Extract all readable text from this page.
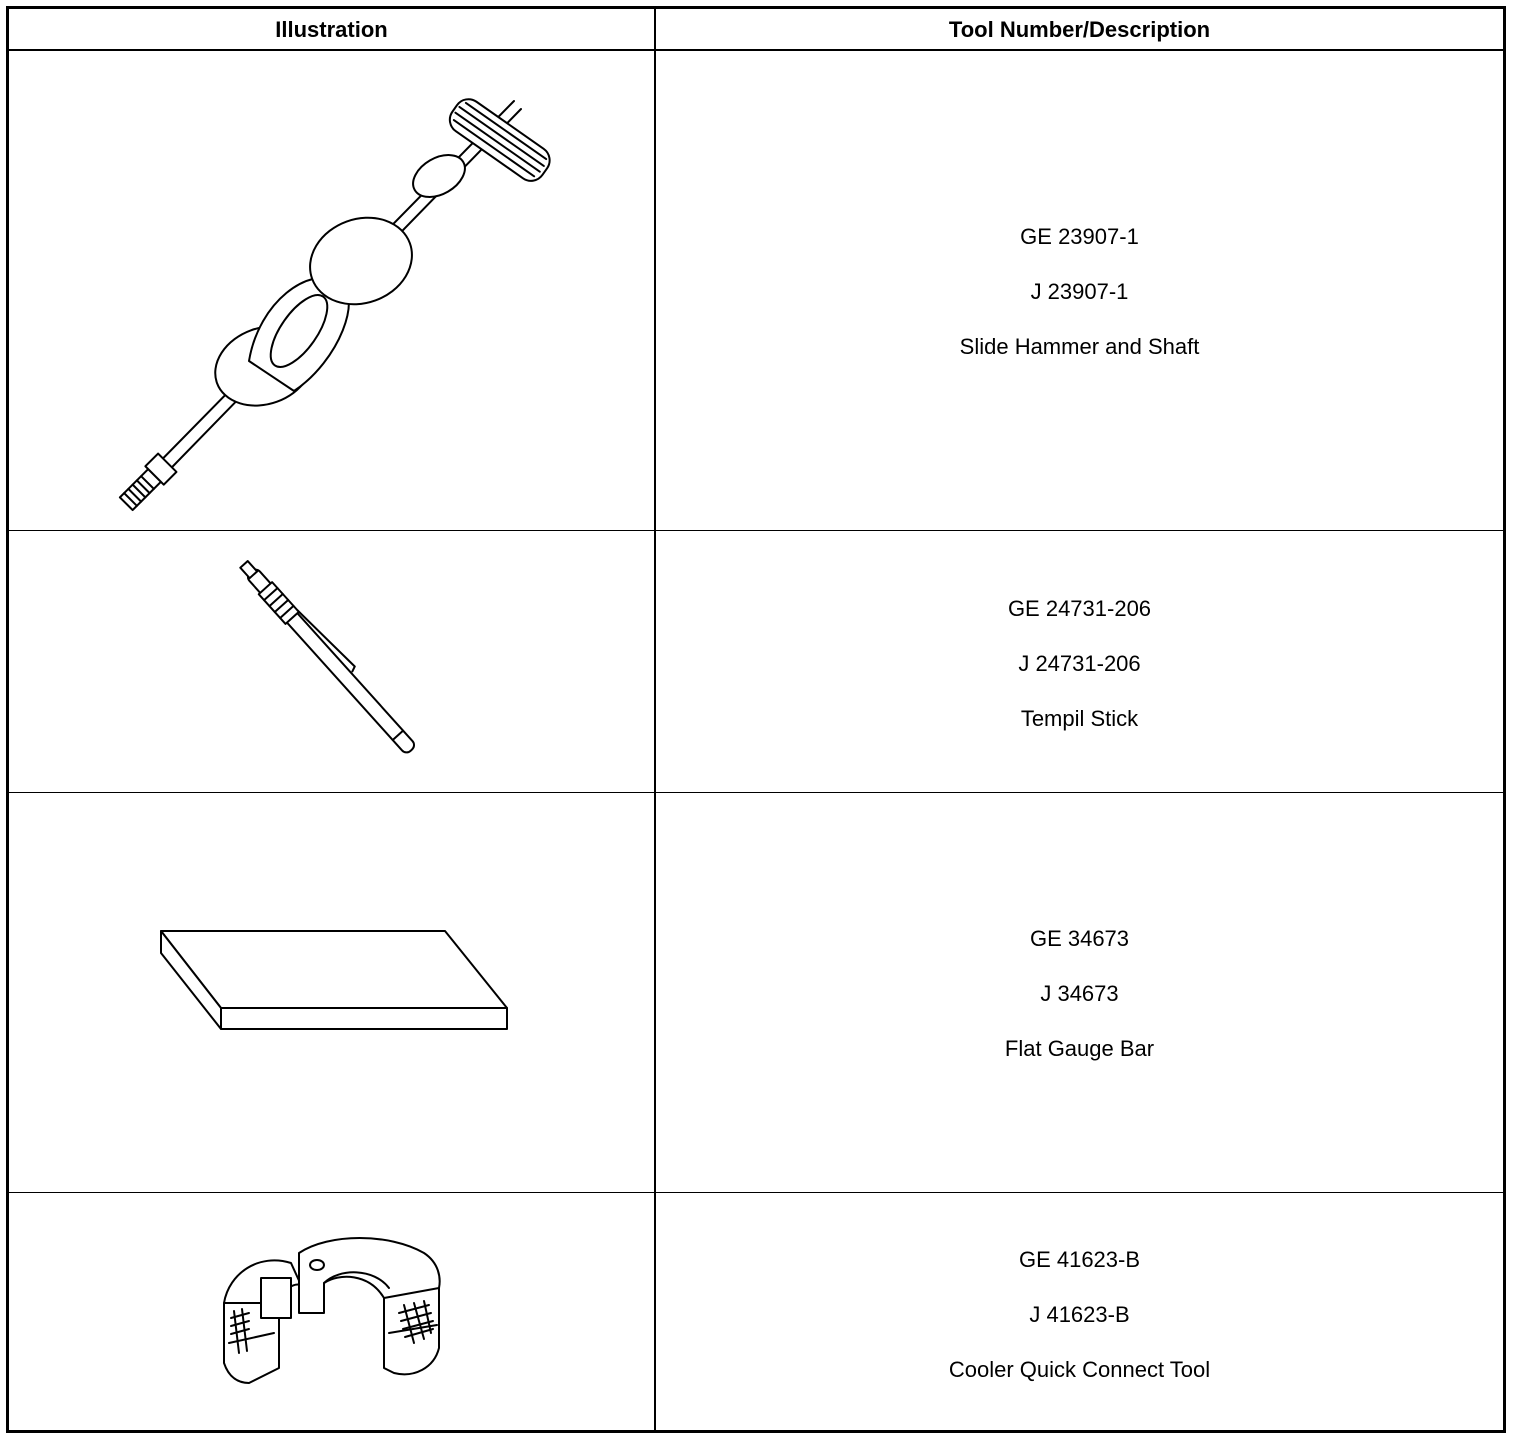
Illustration	Tool Number/Description
GE 23907-1
J 23907-1
Slide Hammer and Shaft
GE 24731-206
J 24731-206
Tempil Stick
GE 34673
J 34673
Flat Gauge Bar
GE 41623-B
J 41623-B
Cooler Quick Connect Tool
